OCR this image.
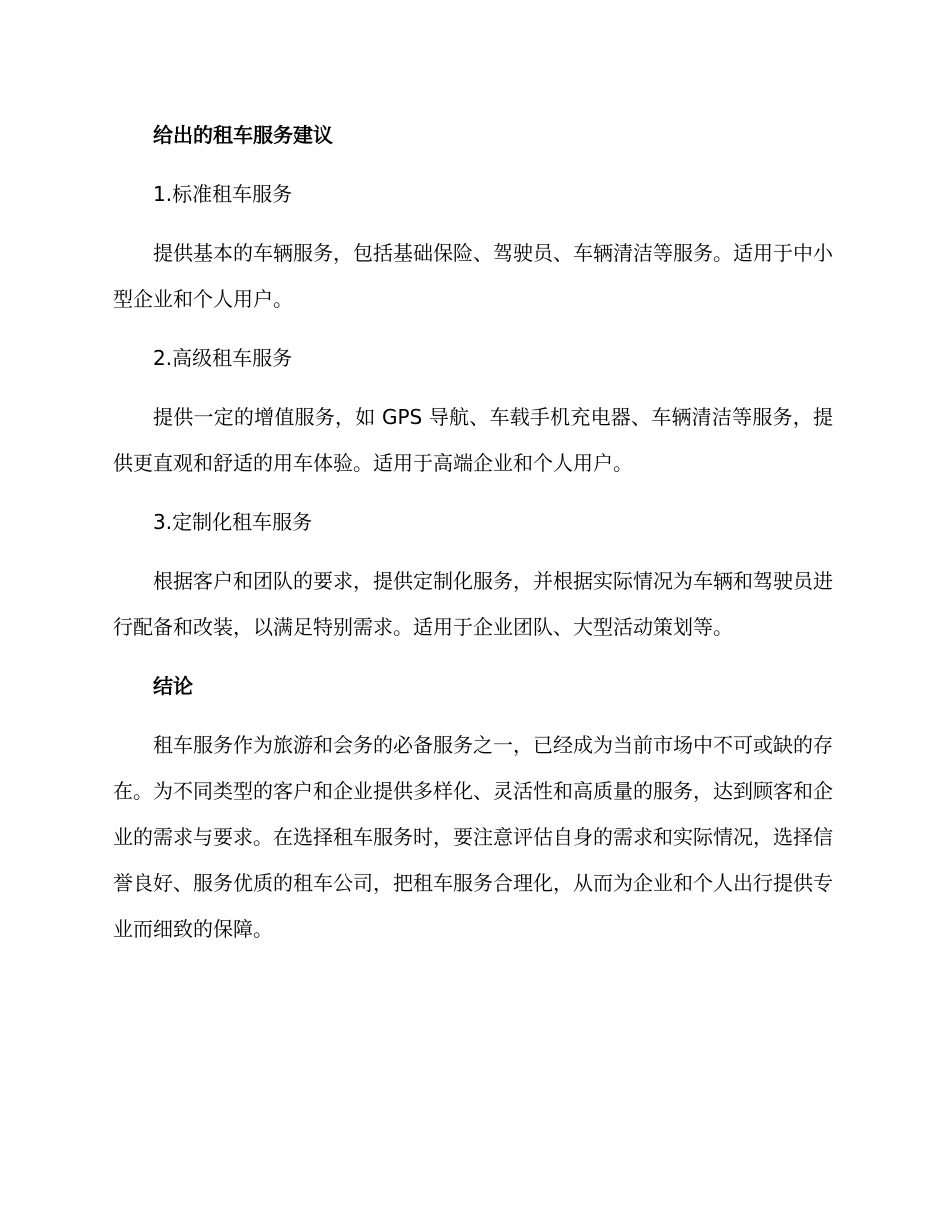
给出的租车服务建议
1.标准租车服务
提供基本的车辆服务，包括基础保险、驾驶员、车辆清洁等服务。适用于中小型企业和个人用户。
2.高级租车服务
提供一定的增值服务，如 GPS 导航、车载手机充电器、车辆清洁等服务，提供更直观和舒适的用车体验。适用于高端企业和个人用户。
3.定制化租车服务
根据客户和团队的要求，提供定制化服务，并根据实际情况为车辆和驾驶员进行配备和改装，以满足特别需求。适用于企业团队、大型活动策划等。
结论
租车服务作为旅游和会务的必备服务之一，已经成为当前市场中不可或缺的存在。为不同类型的客户和企业提供多样化、灵活性和高质量的服务，达到顾客和企业的需求与要求。在选择租车服务时，要注意评估自身的需求和实际情况，选择信誉良好、服务优质的租车公司，把租车服务合理化，从而为企业和个人出行提供专业而细致的保障。
